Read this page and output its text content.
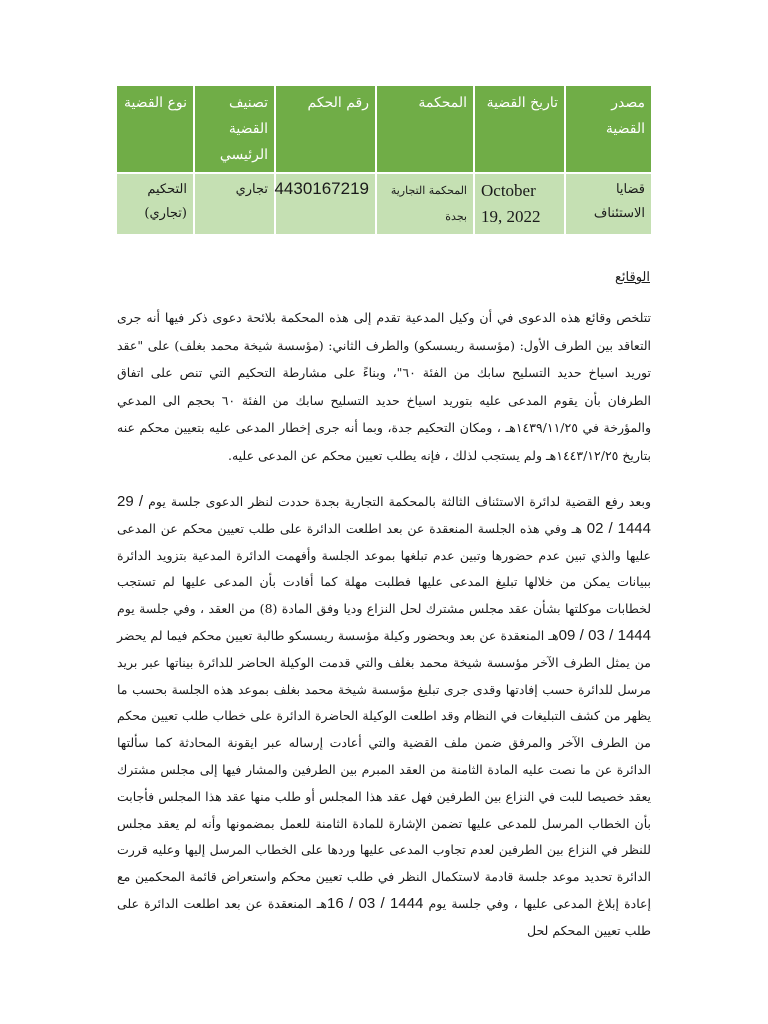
مصدر القضية	تاريخ القضية	المحكمة	رقم الحكم	تصنيف القضية الرئيسي	نوع القضية
قضايا الاستئناف	October 19, 2022	المحكمة التجارية بجدة	4430167219	تجاري	التحكيم (تجاري)
الوقائع

تتلخص وقائع هذه الدعوى في أن وكيل المدعية تقدم إلى هذه المحكمة بلائحة دعوى ذكر فيها أنه جرى التعاقد بين الطرف الأول: (مؤسسة ريسسكو) والطرف الثاني: (مؤسسة شيخة محمد بغلف) على "عقد توريد اسياخ حديد التسليح سابك من الفئة ٦٠"، وبناءً على مشارطة التحكيم التي تنص على اتفاق الطرفان بأن يقوم المدعى عليه بتوريد اسياخ حديد التسليح سابك من الفئة ٦٠ بحجم الى المدعي والمؤرخة في ١٤٣٩/١١/٢٥هـ ، ومكان التحكيم جدة، وبما أنه جرى إخطار المدعى عليه بتعيين محكم عنه بتاريخ ١٤٤٣/١٢/٢٥هـ ولم يستجب لذلك ، فإنه يطلب تعيين محكم عن المدعى عليه.

وبعد رفع القضية لدائرة الاستئناف الثالثة بالمحكمة التجارية بجدة حددت لنظر الدعوى جلسة يوم 29 / 02 / 1444 هـ وفي هذه الجلسة المنعقدة عن بعد اطلعت الدائرة على طلب تعيين محكم عن المدعى عليها والذي تبين عدم حضورها وتبين عدم تبلغها بموعد الجلسة وأفهمت الدائرة المدعية بتزويد الدائرة ببيانات يمكن من خلالها تبليغ المدعى عليها فطلبت مهلة كما أفادت بأن المدعى عليها لم تستجب لخطابات موكلتها بشأن عقد مجلس مشترك لحل النزاع وديا وفق المادة (8) من العقد ، وفي جلسة يوم 09 / 03 / 1444هـ المنعقدة عن بعد وبحضور وكيلة مؤسسة ريسسكو طالبة تعيين محكم فيما لم يحضر من يمثل الطرف الآخر مؤسسة شيخة محمد بغلف والتي قدمت الوكيلة الحاضر للدائرة بيناتها عبر بريد مرسل للدائرة حسب إفادتها وقدى جرى تبليغ مؤسسة شيخة محمد بغلف بموعد هذه الجلسة بحسب ما يظهر من كشف التبليغات في النظام وقد اطلعت الوكيلة الحاضرة الدائرة على خطاب طلب تعيين محكم من الطرف الآخر والمرفق ضمن ملف القضية والتي أعادت إرساله عبر ايقونة المحادثة كما سألتها الدائرة عن ما نصت عليه المادة الثامنة من العقد المبرم بين الطرفين والمشار فيها إلى مجلس مشترك يعقد خصيصا للبت في النزاع بين الطرفين فهل عقد هذا المجلس أو طلب منها عقد هذا المجلس فأجابت بأن الخطاب المرسل للمدعى عليها تضمن الإشارة للمادة الثامنة للعمل بمضمونها وأنه لم يعقد مجلس للنظر في النزاع بين الطرفين لعدم تجاوب المدعى عليها وردها على الخطاب المرسل إليها وعليه قررت الدائرة تحديد موعد جلسة قادمة لاستكمال النظر في طلب تعيين محكم واستعراض قائمة المحكمين مع إعادة إبلاغ المدعى عليها ، وفي جلسة يوم 16 / 03 / 1444هـ المنعقدة عن بعد اطلعت الدائرة على طلب تعيين المحكم لحل
